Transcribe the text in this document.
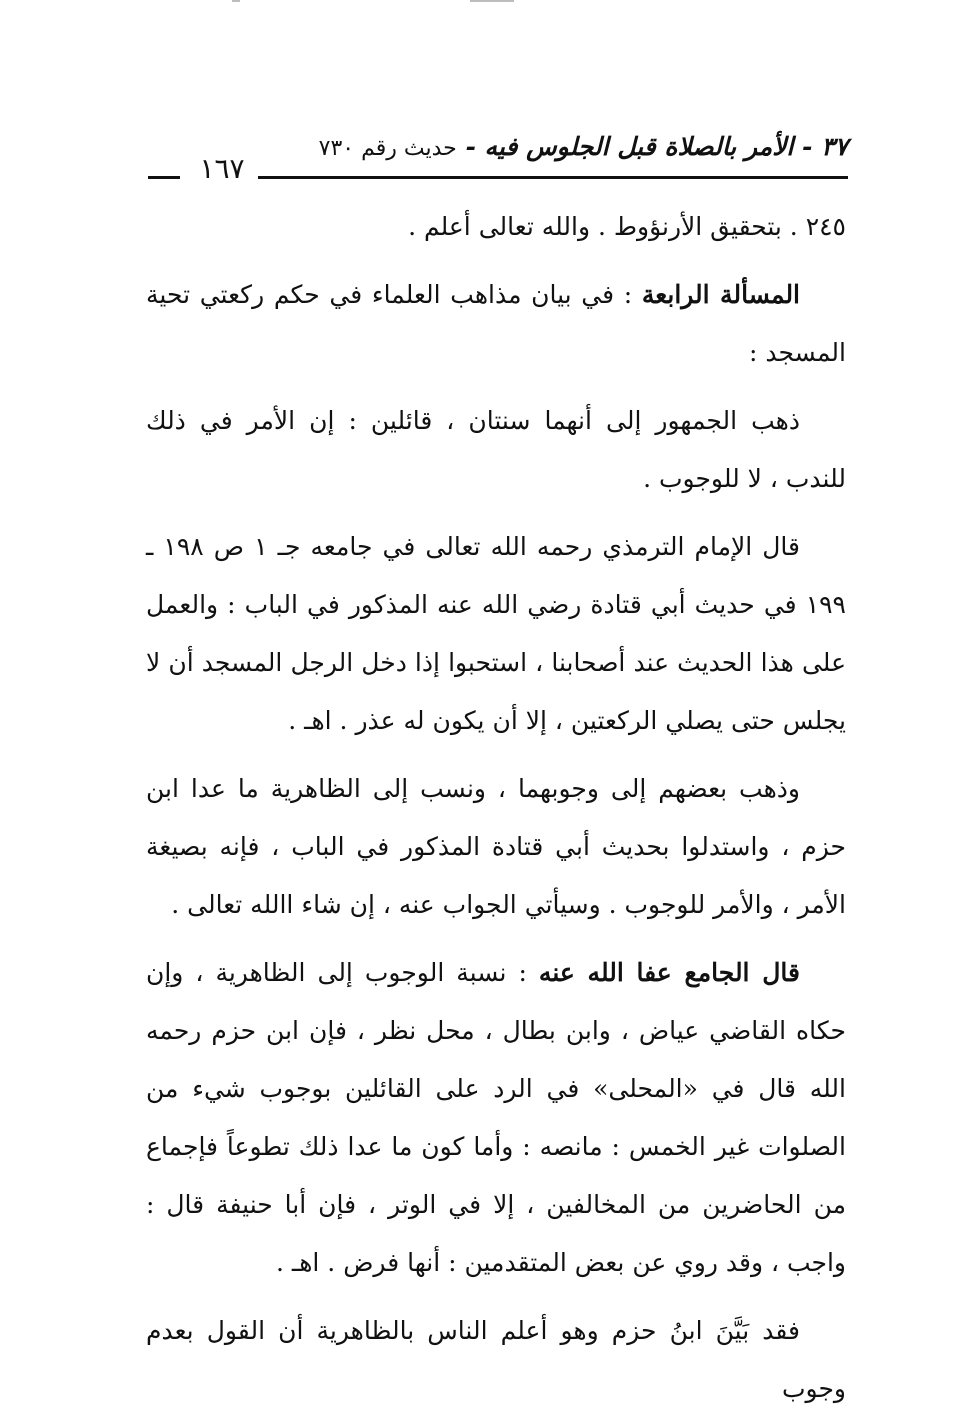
٣٧ - الأمر بالصلاة قبل الجلوس فيه - حديث رقم ٧٣٠
١٦٧

٢٤٥ . بتحقيق الأرنؤوط . والله تعالى أعلم .

المسألة الرابعة : في بيان مذاهب العلماء في حكم ركعتي تحية المسجد :

ذهب الجمهور إلى أنهما سنتان ، قائلين : إن الأمر في ذلك للندب ، لا للوجوب .

قال الإمام الترمذي رحمه الله تعالى في جامعه جـ ١ ص ١٩٨ ـ ١٩٩ في حديث أبي قتادة رضي الله عنه المذكور في الباب : والعمل على هذا الحديث عند أصحابنا ، استحبوا إذا دخل الرجل المسجد أن لا يجلس حتى يصلي الركعتين ، إلا أن يكون له عذر . اهـ .

وذهب بعضهم إلى وجوبهما ، ونسب إلى الظاهرية ما عدا ابن حزم ، واستدلوا بحديث أبي قتادة المذكور في الباب ، فإنه بصيغة الأمر ، والأمر للوجوب . وسيأتي الجواب عنه ، إن شاء االله تعالى .

قال الجامع عفا الله عنه : نسبة الوجوب إلى الظاهرية ، وإن حكاه القاضي عياض ، وابن بطال ، محل نظر ، فإن ابن حزم رحمه الله قال في «المحلى» في الرد على القائلين بوجوب شيء من الصلوات غير الخمس : مانصه : وأما كون ما عدا ذلك تطوعاً فإجماع من الحاضرين من المخالفين ، إلا في الوتر ، فإن أبا حنيفة قال : واجب ، وقد روي عن بعض المتقدمين : أنها فرض . اهـ .

فقد بَيَّنَ ابنُ حزم وهو أعلم الناس بالظاهرية أن القول بعدم وجوب
